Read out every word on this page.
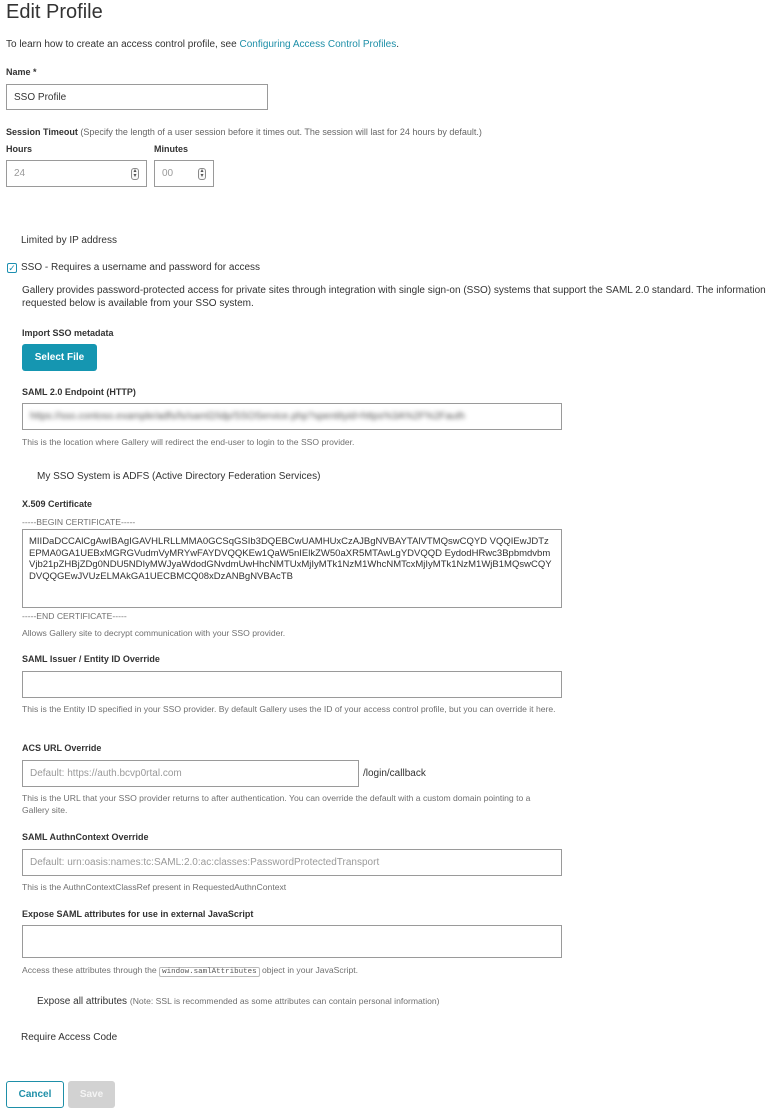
Edit Profile
To learn how to create an access control profile, see Configuring Access Control Profiles.
Name *
SSO Profile
Session Timeout (Specify the length of a user session before it times out. The session will last for 24 hours by default.)
Hours
24
▴
▾
Minutes
00
▴
▾
Limited by IP address
✓ SSO - Requires a username and password for access
Gallery provides password-protected access for private sites through integration with single sign-on (SSO) systems that support the SAML 2.0 standard. The information requested below is available from your SSO system.
Import SSO metadata
Select File
SAML 2.0 Endpoint (HTTP)
https://sso.contoso.example/adfs/ls/saml2/idp/SSOService.php?spentityid=https%3A%2F%2Fauth
This is the location where Gallery will redirect the end-user to login to the SSO provider.
My SSO System is ADFS (Active Directory Federation Services)
X.509 Certificate
-----BEGIN CERTIFICATE-----
MIIDaDCCAlCgAwIBAgIGAVHLRLLMMA0GCSqGSIb3DQEBCwUAMHUxCzAJBgNVBAYTAlVTMQswCQYD VQQIEwJDTzEPMA0GA1UEBxMGRGVudmVyMRYwFAYDVQQKEw1QaW5nIElkZW50aXR5MTAwLgYDVQQD EydodHRwc3BpbmdvbmVjb21pZHBjZDg0NDU5NDIyMWJyaWdodGNvdmUwHhcNMTUxMjIyMTk1NzM1WhcNMTcxMjIyMTk1NzM1WjB1MQswCQYDVQQGEwJVUzELMAkGA1UECBMCQ08xDzANBgNVBAcTB
-----END CERTIFICATE-----
Allows Gallery site to decrypt communication with your SSO provider.
SAML Issuer / Entity ID Override
This is the Entity ID specified in your SSO provider. By default Gallery uses the ID of your access control profile, but you can override it here.
ACS URL Override
Default: https://auth.bcvp0rtal.com
/login/callback
This is the URL that your SSO provider returns to after authentication. You can override the default with a custom domain pointing to a Gallery site.
SAML AuthnContext Override
Default: urn:oasis:names:tc:SAML:2.0:ac:classes:PasswordProtectedTransport
This is the AuthnContextClassRef present in RequestedAuthnContext
Expose SAML attributes for use in external JavaScript
Access these attributes through the window.samlAttributes object in your JavaScript.
Expose all attributes (Note: SSL is recommended as some attributes can contain personal information)
Require Access Code
Cancel	Save
